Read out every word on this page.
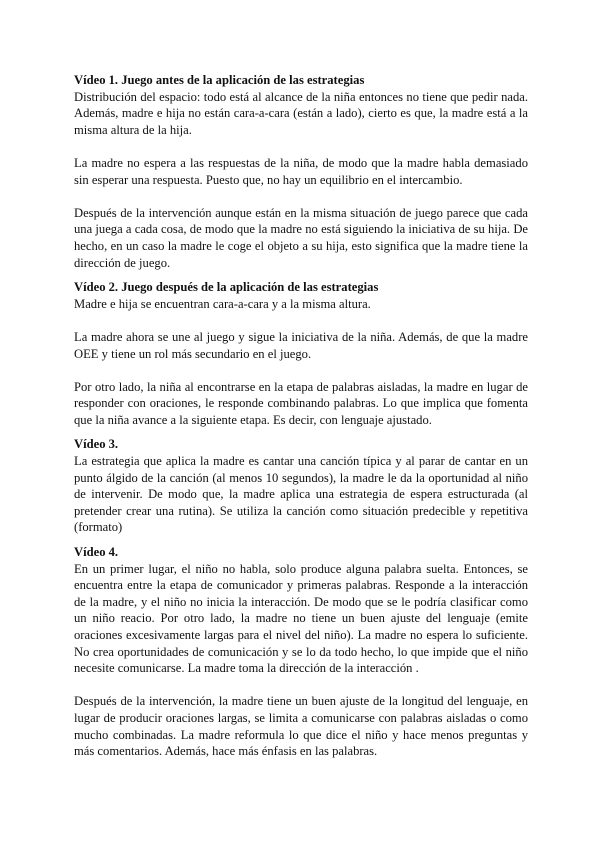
Vídeo 1. Juego antes de la aplicación de las estrategias

Distribución del espacio: todo está al alcance de la niña entonces no tiene que pedir nada. Además, madre e hija no están cara-a-cara (están a lado), cierto es que, la madre está a la misma altura de la hija.

La madre no espera a las respuestas de la niña, de modo que la madre habla demasiado sin esperar una respuesta. Puesto que, no hay un equilibrio en el intercambio.

Después de la intervención aunque están en la misma situación de juego parece que cada una juega a cada cosa, de modo que la madre no está siguiendo la iniciativa de su hija. De hecho, en un caso la madre le coge el objeto a su hija, esto significa que la madre tiene la dirección de juego.

Vídeo 2. Juego después de la aplicación de las estrategias

Madre e hija se encuentran cara-a-cara y a la misma altura.

La madre ahora se une al juego y sigue la iniciativa de la niña. Además, de que la madre OEE y tiene un rol más secundario en el juego.

Por otro lado, la niña al encontrarse en la etapa de palabras aisladas, la madre en lugar de responder con oraciones, le responde combinando palabras. Lo que implica que fomenta que la niña avance a la siguiente etapa. Es decir, con lenguaje ajustado.

Vídeo 3.

La estrategia que aplica la madre es cantar una canción típica y al parar de cantar en un punto álgido de la canción (al menos 10 segundos), la madre le da la oportunidad al niño de intervenir. De modo que, la madre aplica una estrategia de espera estructurada (al pretender crear una rutina). Se utiliza la canción como situación predecible y repetitiva (formato)

Vídeo 4.

En un primer lugar, el niño no habla, solo produce alguna palabra suelta. Entonces, se encuentra entre la etapa de comunicador y primeras palabras. Responde a la interacción de la madre, y el niño no inicia la interacción. De modo que se le podría clasificar como un niño reacio. Por otro lado, la madre no tiene un buen ajuste del lenguaje (emite oraciones excesivamente largas para el nivel del niño). La madre no espera lo suficiente. No crea oportunidades de comunicación y se lo da todo hecho, lo que impide que el niño necesite comunicarse. La madre toma la dirección de la interacción .

Después de la intervención, la madre tiene un buen ajuste de la longitud del lenguaje, en lugar de producir oraciones largas, se limita a comunicarse con palabras aisladas o como mucho combinadas. La madre reformula lo que dice el niño y hace menos preguntas y más comentarios. Además, hace más énfasis en las palabras.
